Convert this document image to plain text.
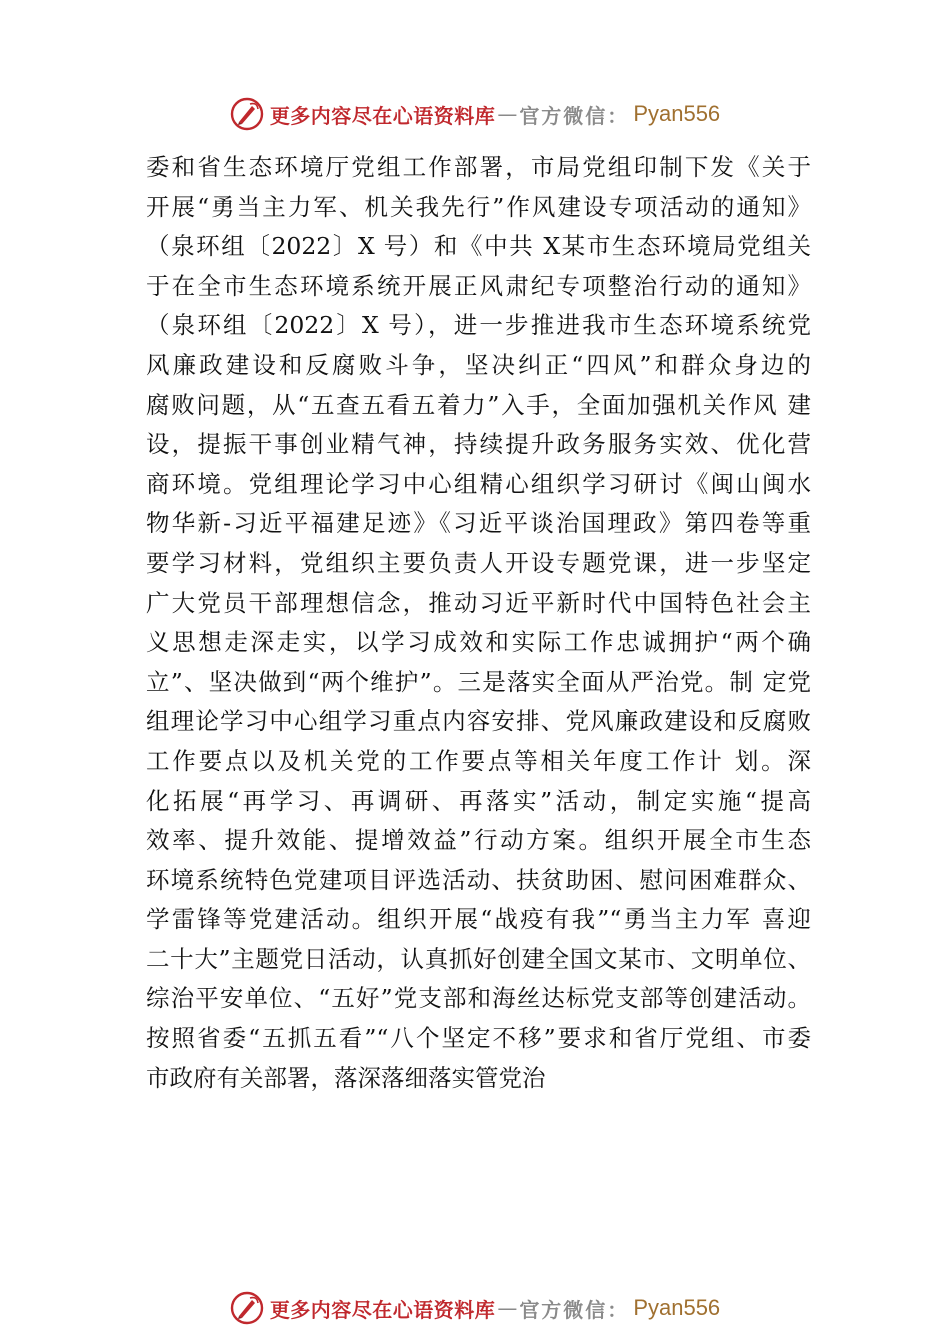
更多内容尽在心语资料库 — 官方微信： Pyan556
委和省生态环境厅党组工作部署，市局党组印制下发《关于
开展“勇当主力军、机关我先行”作风建设专项活动的通知》
（泉环组〔2022〕X 号）和《中共 X某市生态环境局党组关
于在全市生态环境系统开展正风肃纪专项整治行动的通知》
（泉环组〔2022〕X 号），进一步推进我市生态环境系统党
风廉政建设和反腐败斗争，坚决纠正“四风”和群众身边的
腐败问题，从“五查五看五着力”入手，全面加强机关作风 建
设，提振干事创业精气神，持续提升政务服务实效、优化营
商环境。党组理论学习中心组精心组织学习研讨《闽山闽水
物华新-习近平福建足迹》《习近平谈治国理政》第四卷等重
要学习材料，党组织主要负责人开设专题党课，进一步坚定
广大党员干部理想信念，推动习近平新时代中国特色社会主
义思想走深走实，以学习成效和实际工作忠诚拥护“两个确
立”、坚决做到“两个维护”。三是落实全面从严治党。制 定党
组理论学习中心组学习重点内容安排、党风廉政建设和反腐败
工作要点以及机关党的工作要点等相关年度工作计 划。深
化拓展“再学习、再调研、再落实”活动，制定实施“提高
效率、提升效能、提增效益”行动方案。组织开展全市生态
环境系统特色党建项目评选活动、扶贫助困、慰问困难群众、
学雷锋等党建活动。组织开展“战疫有我”“勇当主力军 喜迎
二十大”主题党日活动，认真抓好创建全国文某市、文明单位、
综治平安单位、“五好”党支部和海丝达标党支部等创建活动。
按照省委“五抓五看”“八个坚定不移”要求和省厅党组、市委
市政府有关部署，落深落细落实管党治
更多内容尽在心语资料库 — 官方微信： Pyan556
